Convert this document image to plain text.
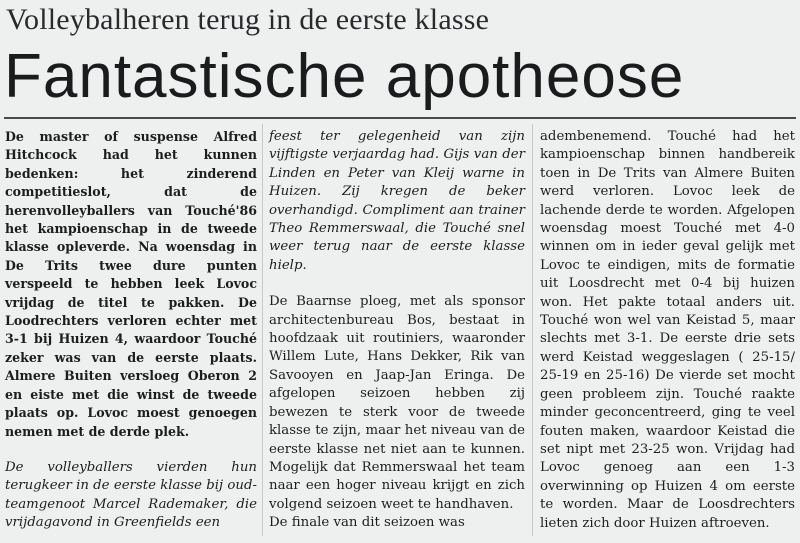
Volleybalheren terug in de eerste klasse
Fantastische apotheose

De master of suspense Alfred Hitchcock had het kunnen bedenken: het zinderend competitieslot, dat de herenvolleyballers van Touché'86 het kampioenschap in de tweede klasse opleverde. Na woensdag in De Trits twee dure punten verspeeld te hebben leek Lovoc vrijdag de titel te pakken. De Loodrechters verloren echter met 3-1 bij Huizen 4, waardoor Touché zeker was van de eerste plaats. Almere Buiten versloeg Oberon 2 en eiste met die winst de tweede plaats op. Lovoc moest genoegen nemen met de derde plek.

De volleyballers vierden hun terugkeer in de eerste klasse bij oud-teamgenoot Marcel Rademaker, die vrijdagavond in Greenfields een

feest ter gelegenheid van zijn vijftigste verjaardag had. Gijs van der Linden en Peter van Kleij warne in Huizen. Zij kregen de beker overhandigd. Compliment aan trainer Theo Remmerswaal, die Touché snel weer terug naar de eerste klasse hielp.

De Baarnse ploeg, met als sponsor architectenbureau Bos, bestaat in hoofdzaak uit routiniers, waaronder Willem Lute, Hans Dekker, Rik van Savooyen en Jaap-Jan Eringa. De afgelopen seizoen hebben zij bewezen te sterk voor de tweede klasse te zijn, maar het niveau van de eerste klasse net niet aan te kunnen. Mogelijk dat Remmerswaal het team naar een hoger niveau krijgt en zich volgend seizoen weet te handhaven.

De finale van dit seizoen was

adembenemend. Touché had het kampioenschap binnen handbereik toen in De Trits van Almere Buiten werd verloren. Lovoc leek de lachende derde te worden. Afgelopen woensdag moest Touché met 4-0 winnen om in ieder geval gelijk met Lovoc te eindigen, mits de formatie uit Loosdrecht met 0-4 bij huizen won. Het pakte totaal anders uit. Touché won wel van Keistad 5, maar slechts met 3-1. De eerste drie sets werd Keistad weggeslagen ( 25-15/ 25-19 en 25-16) De vierde set mocht geen probleem zijn. Touché raakte minder geconcentreerd, ging te veel fouten maken, waardoor Keistad die set nipt met 23-25 won. Vrijdag had Lovoc genoeg aan een 1-3 overwinning op Huizen 4 om eerste te worden. Maar de Loosdrechters lieten zich door Huizen aftroeven.
